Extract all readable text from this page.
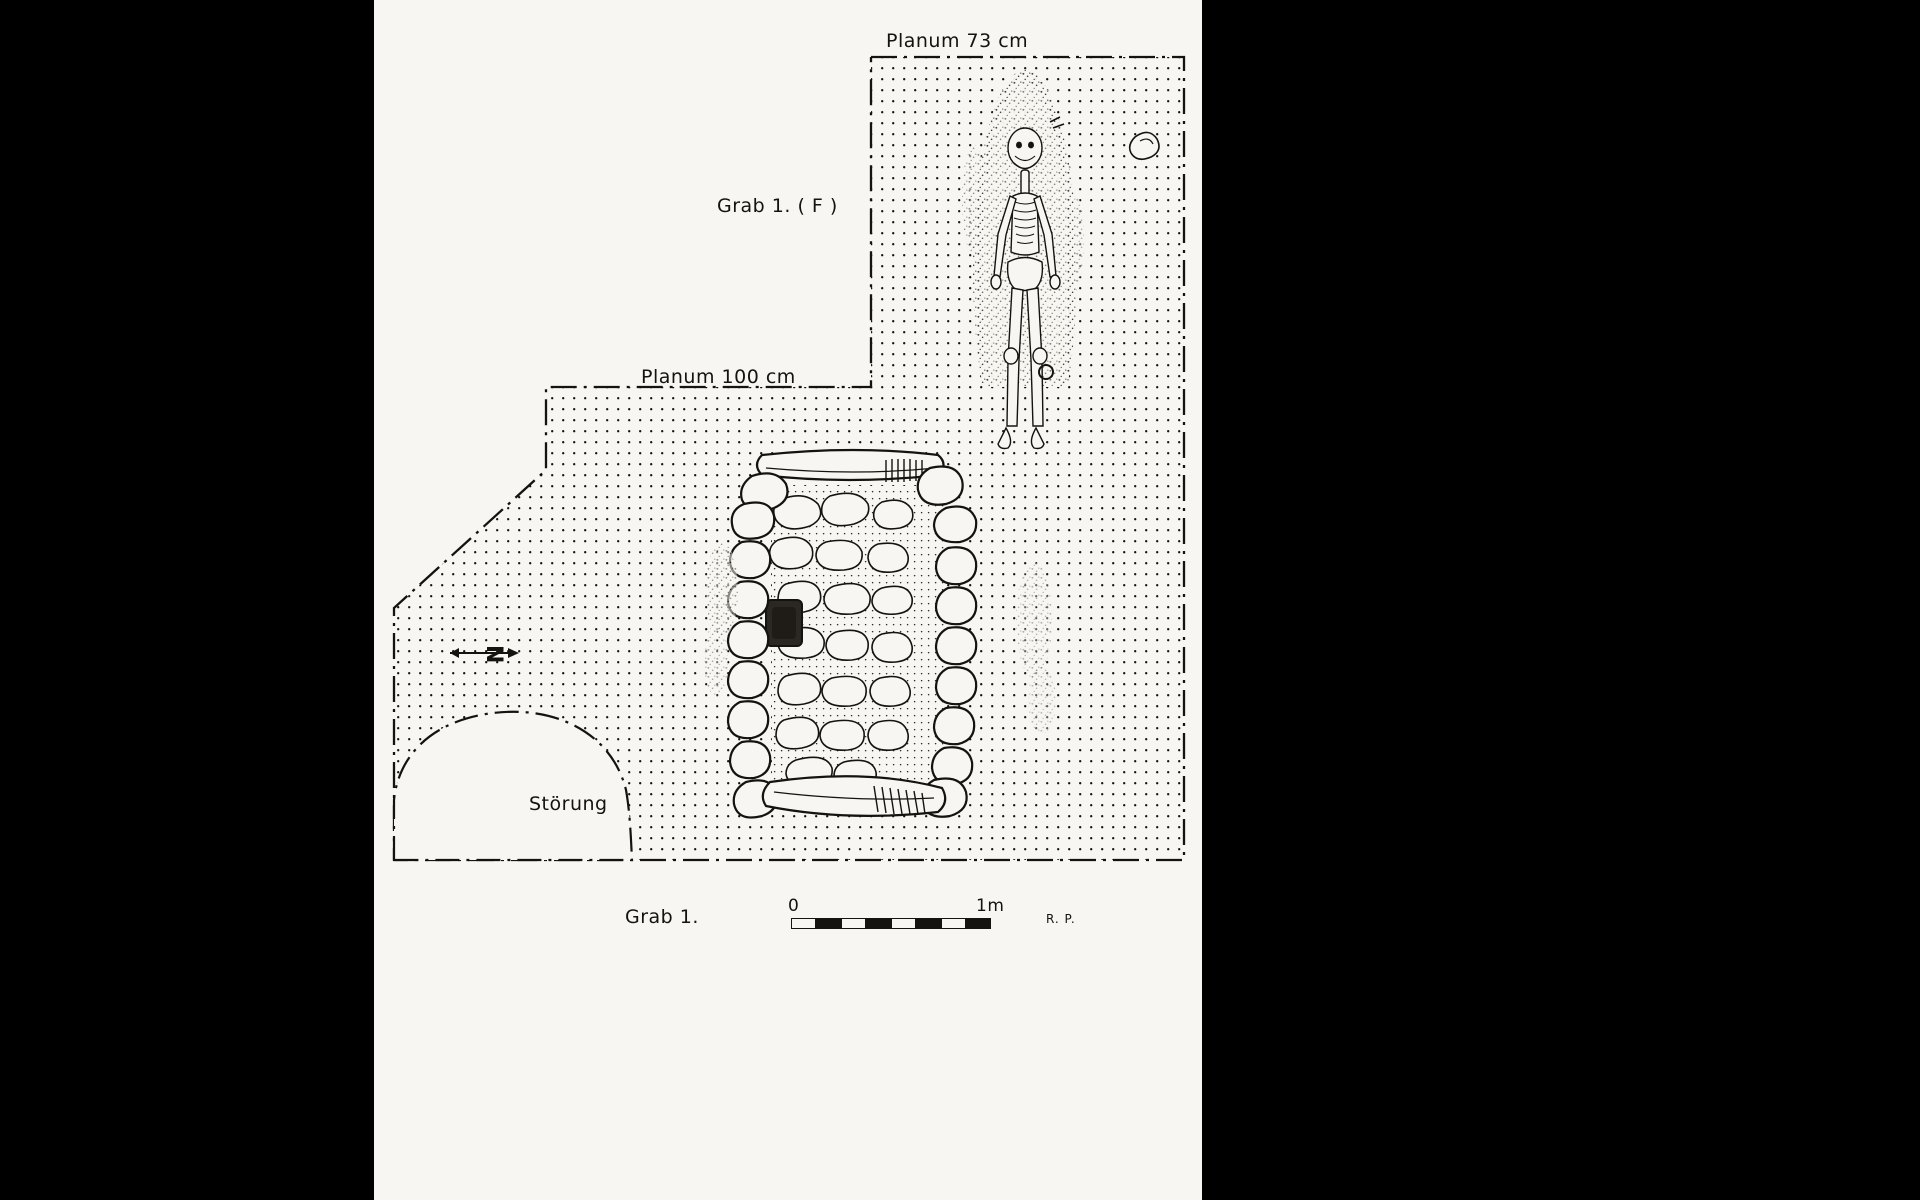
Planum 73 cm
Grab 1. ( F )
Planum 100 cm
Störung
Grab 1.	R. P.
N
0	1m
